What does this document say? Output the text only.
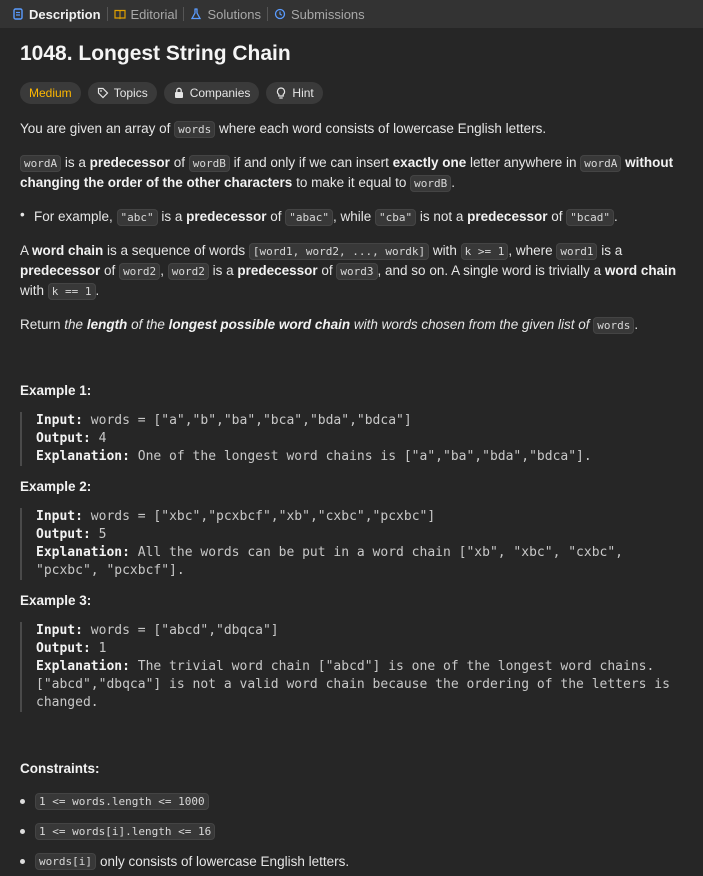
Description Editorial Solutions Submissions
1048. Longest String Chain
Medium	Topics	Companies	Hint

You are given an array of words where each word consists of lowercase English letters.

wordA is a predecessor of wordB if and only if we can insert exactly one letter anywhere in wordA without changing the order of the other characters to make it equal to wordB .

• For example, "abc" is a predecessor of "abac" , while "cba" is not a predecessor of "bcad" .

A word chain is a sequence of words [word1, word2, ..., wordk] with k >= 1 , where word1 is a predecessor of word2 , word2 is a predecessor of word3 , and so on. A single word is trivially a word chain with k == 1 .

Return the length of the longest possible word chain with words chosen from the given list of words .

Example 1:
Input: words = ["a","b","ba","bca","bda","bdca"]
Output: 4
Explanation: One of the longest word chains is ["a","ba","bda","bdca"].
Example 2:
Input: words = ["xbc","pcxbcf","xb","cxbc","pcxbc"]
Output: 5
Explanation: All the words can be put in a word chain ["xb", "xbc", "cxbc", "pcxbc", "pcxbcf"].
Example 3:
Input: words = ["abcd","dbqca"]
Output: 1
Explanation: The trivial word chain ["abcd"] is one of the longest word chains.
["abcd","dbqca"] is not a valid word chain because the ordering of the letters is changed.
Constraints:
1 <= words.length <= 1000
1 <= words[i].length <= 16
words[i] only consists of lowercase English letters.
